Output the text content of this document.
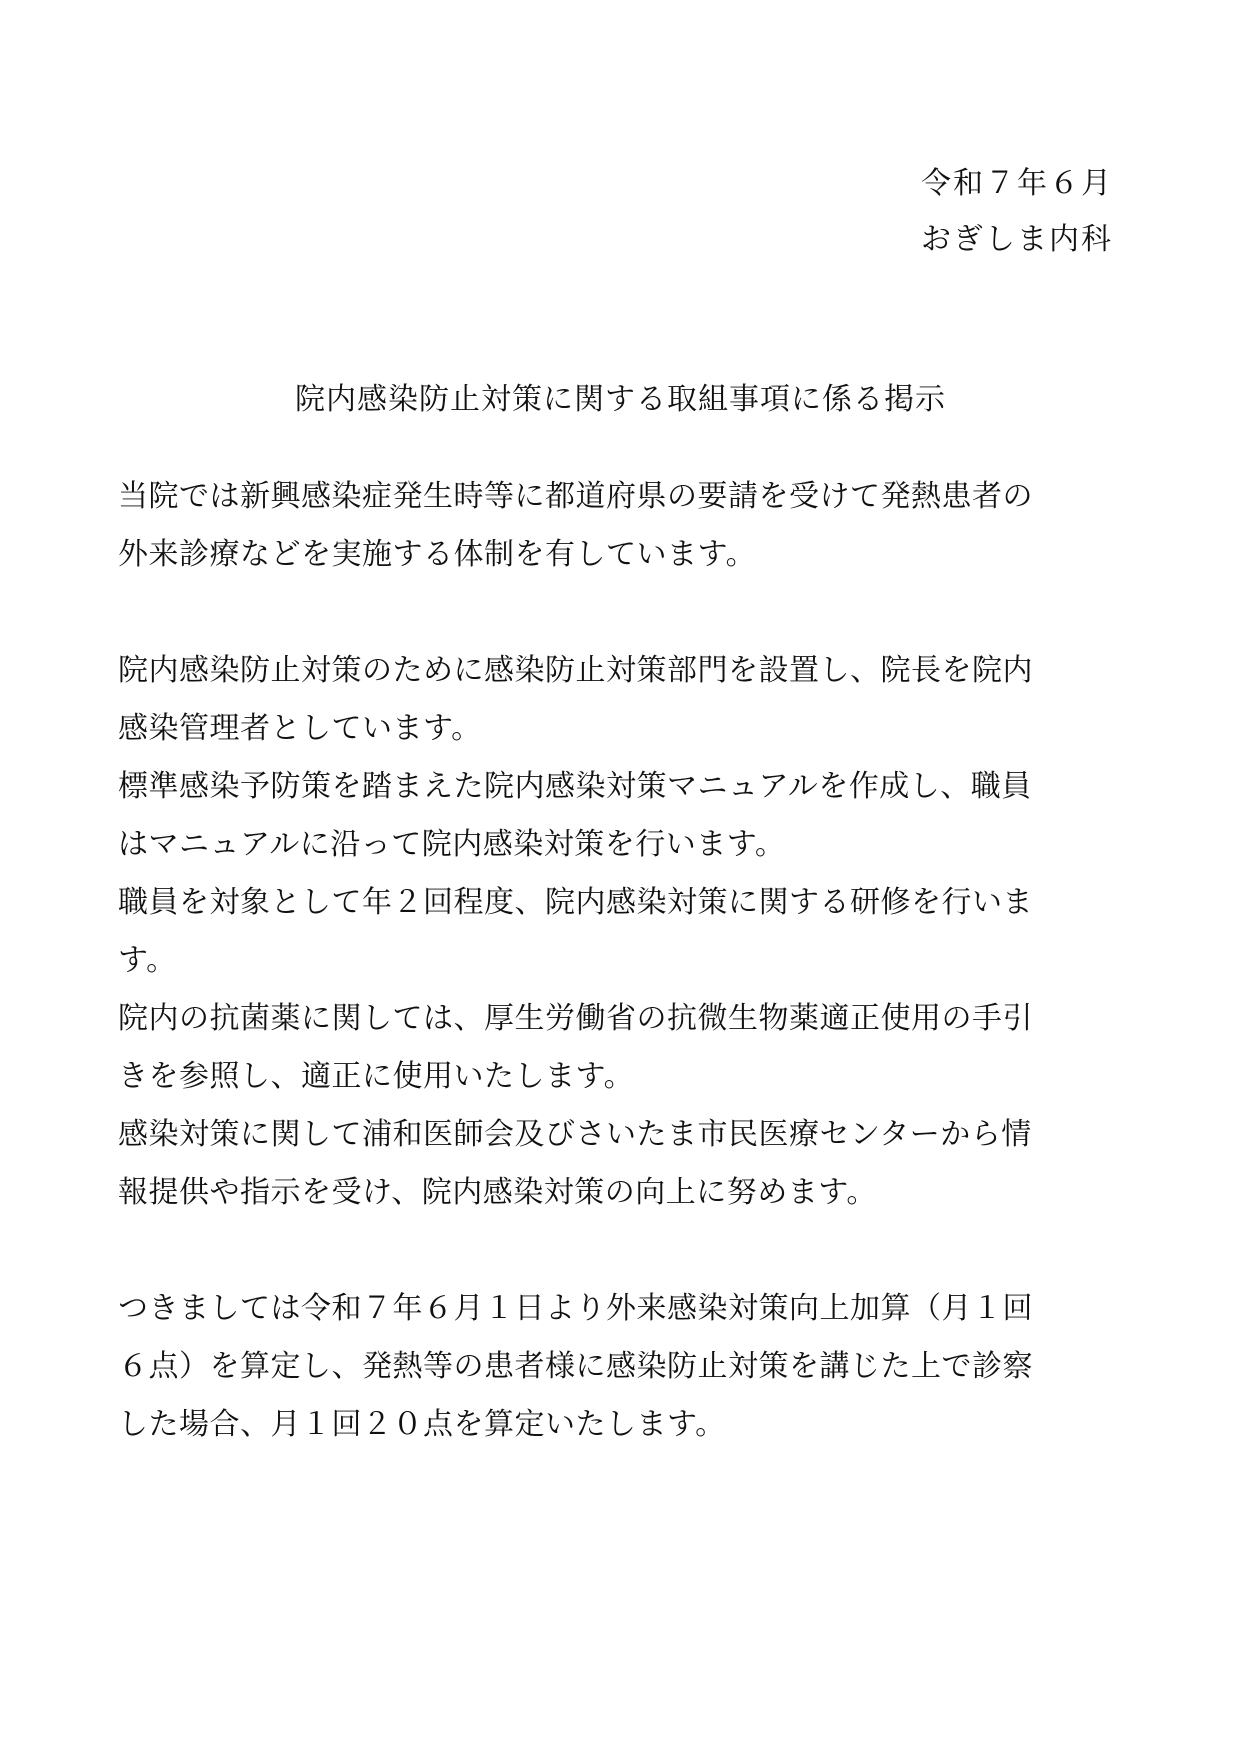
令和７年６月
おぎしま内科
院内感染防止対策に関する取組事項に係る掲示
当院では新興感染症発生時等に都道府県の要請を受けて発熱患者の
外来診療などを実施する体制を有しています。
院内感染防止対策のために感染防止対策部門を設置し、院長を院内
感染管理者としています。
標準感染予防策を踏まえた院内感染対策マニュアルを作成し、職員
はマニュアルに沿って院内感染対策を行います。
職員を対象として年２回程度、院内感染対策に関する研修を行いま
す。
院内の抗菌薬に関しては、厚生労働省の抗微生物薬適正使用の手引
きを参照し、適正に使用いたします。
感染対策に関して浦和医師会及びさいたま市民医療センターから情
報提供や指示を受け、院内感染対策の向上に努めます。
つきましては令和７年６月１日より外来感染対策向上加算（月１回
６点）を算定し、発熱等の患者様に感染防止対策を講じた上で診察
した場合、月１回２０点を算定いたします。
